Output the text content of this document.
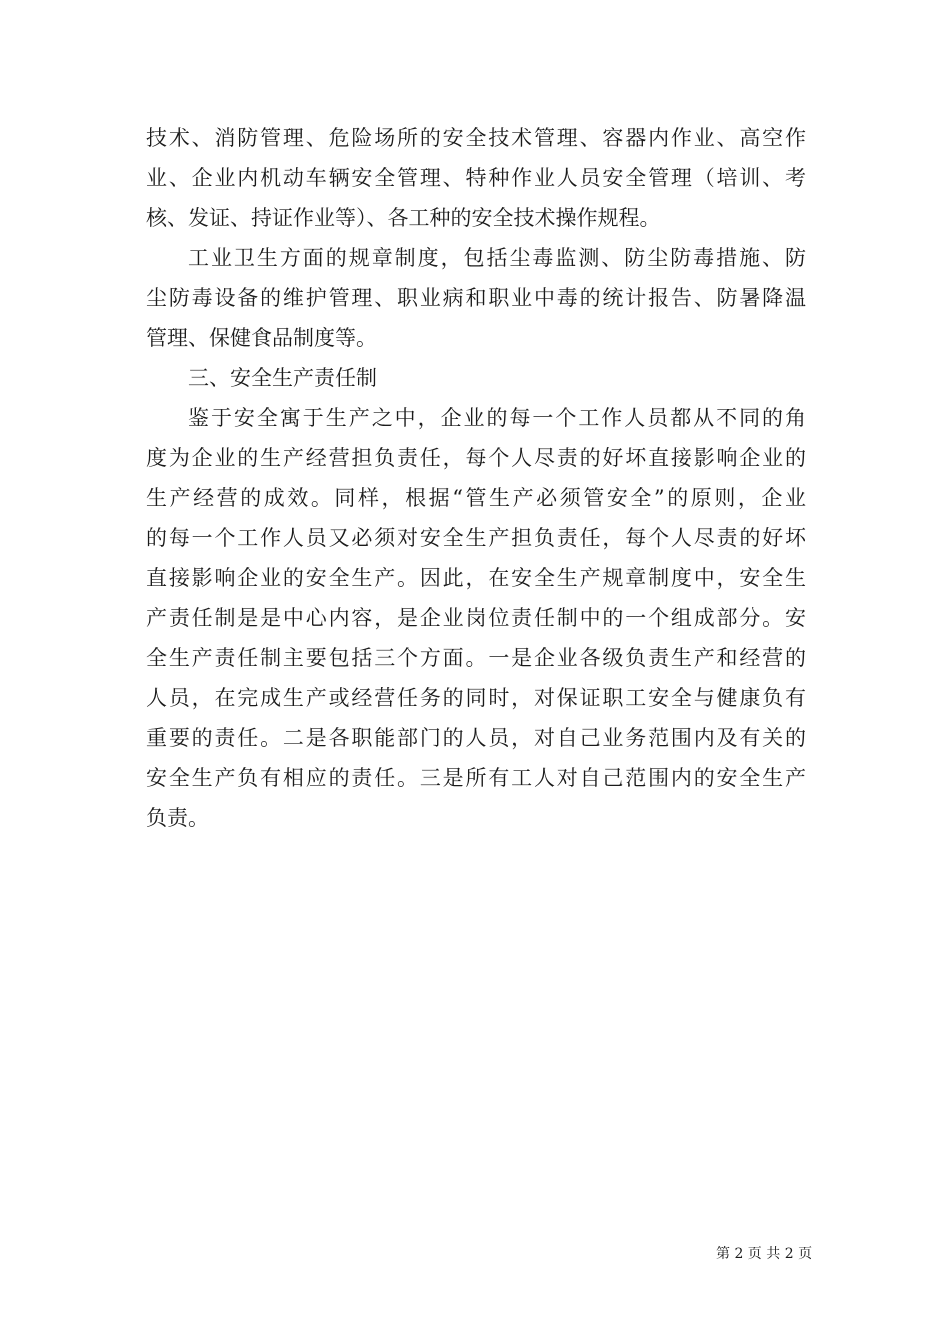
技术、消防管理、危险场所的安全技术管理、容器内作业、高空作
业、企业内机动车辆安全管理、特种作业人员安全管理（培训、考
核、发证、持证作业等）、各工种的安全技术操作规程。
工业卫生方面的规章制度，包括尘毒监测、防尘防毒措施、防
尘防毒设备的维护管理、职业病和职业中毒的统计报告、防暑降温
管理、保健食品制度等。
三、安全生产责任制
鉴于安全寓于生产之中，企业的每一个工作人员都从不同的角
度为企业的生产经营担负责任，每个人尽责的好坏直接影响企业的
生产经营的成效。同样，根据“管生产必须管安全”的原则，企业
的每一个工作人员又必须对安全生产担负责任，每个人尽责的好坏
直接影响企业的安全生产。因此，在安全生产规章制度中，安全生
产责任制是是中心内容，是企业岗位责任制中的一个组成部分。安
全生产责任制主要包括三个方面。一是企业各级负责生产和经营的
人员，在完成生产或经营任务的同时，对保证职工安全与健康负有
重要的责任。二是各职能部门的人员，对自己业务范围内及有关的
安全生产负有相应的责任。三是所有工人对自己范围内的安全生产
负责。
第 2 页 共 2 页
